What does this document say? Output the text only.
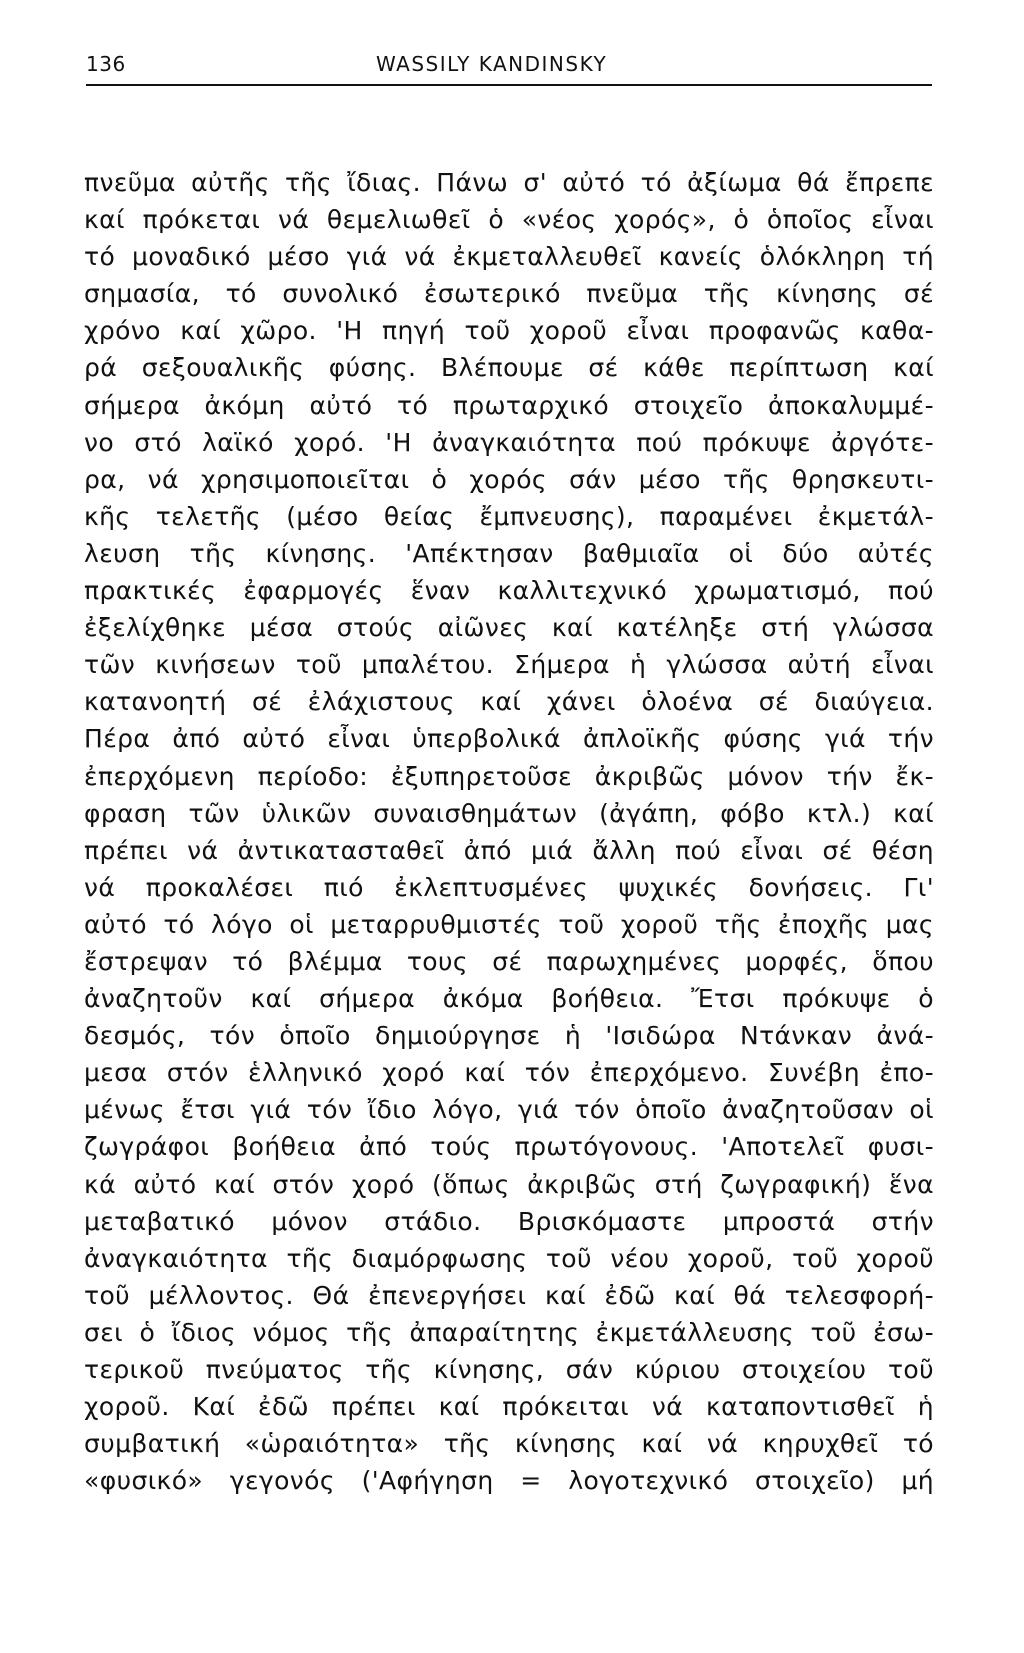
136	WASSILY KANDINSKY
πνεῦμα αὐτῆς τῆς ἴδιας. Πάνω σ' αὐτό τό ἀξίωμα θά ἔπρεπε
καί πρόκεται νά θεμελιωθεῖ ὁ «νέος χορός», ὁ ὁποῖος εἶναι
τό μοναδικό μέσο γιά νά ἐκμεταλλευθεῖ κανείς ὁλόκληρη τή
σημασία, τό συνολικό ἐσωτερικό πνεῦμα τῆς κίνησης σέ
χρόνο καί χῶρο. 'Η πηγή τοῦ χοροῦ εἶναι προφανῶς καθα-
ρά σεξουαλικῆς φύσης. Βλέπουμε σέ κάθε περίπτωση καί
σήμερα ἀκόμη αὐτό τό πρωταρχικό στοιχεῖο ἀποκαλυμμέ-
νο στό λαϊκό χορό. 'Η ἀναγκαιότητα πού πρόκυψε ἀργότε-
ρα, νά χρησιμοποιεῖται ὁ χορός σάν μέσο τῆς θρησκευτι-
κῆς τελετῆς (μέσο θείας ἔμπνευσης), παραμένει ἐκμετάλ-
λευση τῆς κίνησης. 'Απέκτησαν βαθμιαῖα οἱ δύο αὐτές
πρακτικές ἐφαρμογές ἕναν καλλιτεχνικό χρωματισμό, πού
ἐξελίχθηκε μέσα στούς αἰῶνες καί κατέληξε στή γλώσσα
τῶν κινήσεων τοῦ μπαλέτου. Σήμερα ἡ γλώσσα αὐτή εἶναι
κατανοητή σέ ἐλάχιστους καί χάνει ὁλοένα σέ διαύγεια.
Πέρα ἀπό αὐτό εἶναι ὑπερβολικά ἀπλοϊκῆς φύσης γιά τήν
ἐπερχόμενη περίοδο: ἐξυπηρετοῦσε ἀκριβῶς μόνον τήν ἔκ-
φραση τῶν ὑλικῶν συναισθημάτων (ἀγάπη, φόβο κτλ.) καί
πρέπει νά ἀντικατασταθεῖ ἀπό μιά ἄλλη πού εἶναι σέ θέση
νά προκαλέσει πιό ἐκλεπτυσμένες ψυχικές δονήσεις. Γι'
αὐτό τό λόγο οἱ μεταρρυθμιστές τοῦ χοροῦ τῆς ἐποχῆς μας
ἔστρεψαν τό βλέμμα τους σέ παρωχημένες μορφές, ὅπου
ἀναζητοῦν καί σήμερα ἀκόμα βοήθεια. Ἔτσι πρόκυψε ὁ
δεσμός, τόν ὁποῖο δημιούργησε ἡ 'Ισιδώρα Ντάνκαν ἀνά-
μεσα στόν ἑλληνικό χορό καί τόν ἐπερχόμενο. Συνέβη ἐπο-
μένως ἔτσι γιά τόν ἴδιο λόγο, γιά τόν ὁποῖο ἀναζητοῦσαν οἱ
ζωγράφοι βοήθεια ἀπό τούς πρωτόγονους. 'Αποτελεῖ φυσι-
κά αὐτό καί στόν χορό (ὅπως ἀκριβῶς στή ζωγραφική) ἕνα
μεταβατικό μόνον στάδιο. Βρισκόμαστε μπροστά στήν
ἀναγκαιότητα τῆς διαμόρφωσης τοῦ νέου χοροῦ, τοῦ χοροῦ
τοῦ μέλλοντος. Θά ἐπενεργήσει καί ἐδῶ καί θά τελεσφορή-
σει ὁ ἴδιος νόμος τῆς ἀπαραίτητης ἐκμετάλλευσης τοῦ ἐσω-
τερικοῦ πνεύματος τῆς κίνησης, σάν κύριου στοιχείου τοῦ
χοροῦ. Καί ἐδῶ πρέπει καί πρόκειται νά καταποντισθεῖ ἡ
συμβατική «ὡραιότητα» τῆς κίνησης καί νά κηρυχθεῖ τό
«φυσικό» γεγονός ('Αφήγηση = λογοτεχνικό στοιχεῖο) μή
